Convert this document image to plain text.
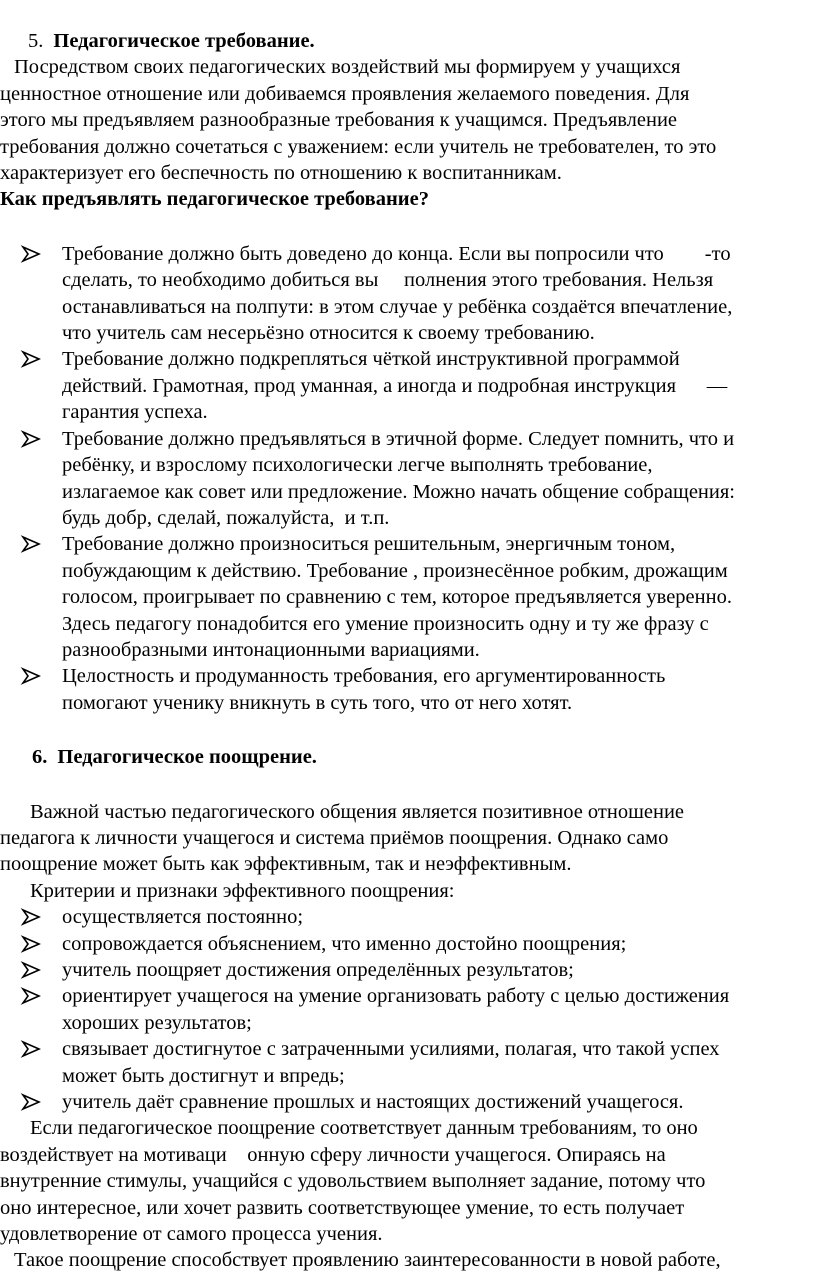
5. Педагогическое требование.

Посредством своих педагогических воздействий мы формируем у учащихся
ценностное отношение или добиваемся проявления желаемого поведения. Для
этого мы предъявляем разнообразные требования к учащимся. Предъявление
требования должно сочетаться с уважением: если учитель не требователен, то это
характеризует его беспечность по отношению к воспитанникам.

Как предъявлять педагогическое требование?

Требование должно быть доведено до конца. Если вы попросили что        -то
сделать, то необходимо добиться вы     полнения этого требования. Нельзя
останавливаться на полпути: в этом случае у ребёнка создаётся впечатление,
что учитель сам несерьёзно относится к своему требованию.
Требование должно подкрепляться чёткой инструктивной программой
действий. Грамотная, прод уманная, а иногда и подробная инструкция      —
гарантия успеха.
Требование должно предъявляться в этичной форме. Следует помнить, что и
ребёнку, и взрослому психологически легче выполнять требование,
излагаемое как совет или предложение. Можно начать общение собращения:
будь добр, сделай, пожалуйста,  и т.п.
Требование должно произноситься решительным, энергичным тоном,
побуждающим к действию. Требование , произнесённое робким, дрожащим
голосом, проигрывает по сравнению с тем, которое предъявляется уверенно.
Здесь педагогу понадобится его умение произносить одну и ту же фразу с
разнообразными интонационными вариациями.
Целостность и продуманность требования, его аргументированность
помогают ученику вникнуть в суть того, что от него хотят.

6. Педагогическое поощрение.

Важной частью педагогического общения является позитивное отношение
педагога к личности учащегося и система приёмов поощрения. Однако само
поощрение может быть как эффективным, так и неэффективным.
Критерии и признаки эффективного поощрения:
осуществляется постоянно;
сопровождается объяснением, что именно достойно поощрения;
учитель поощряет достижения определённых результатов;
ориентирует учащегося на умение организовать работу с целью достижения
хороших результатов;
связывает достигнутое с затраченными усилиями, полагая, что такой успех
может быть достигнут и впредь;
учитель даёт сравнение прошлых и настоящих достижений учащегося.
Если педагогическое поощрение соответствует данным требованиям, то оно
воздействует на мотиваци    онную сферу личности учащегося. Опираясь на
внутренние стимулы, учащийся с удовольствием выполняет задание, потому что
оно интересное, или хочет развить соответствующее умение, то есть получает
удовлетворение от самого процесса учения.
Такое поощрение способствует проявлению заинтересованности в новой работе,
